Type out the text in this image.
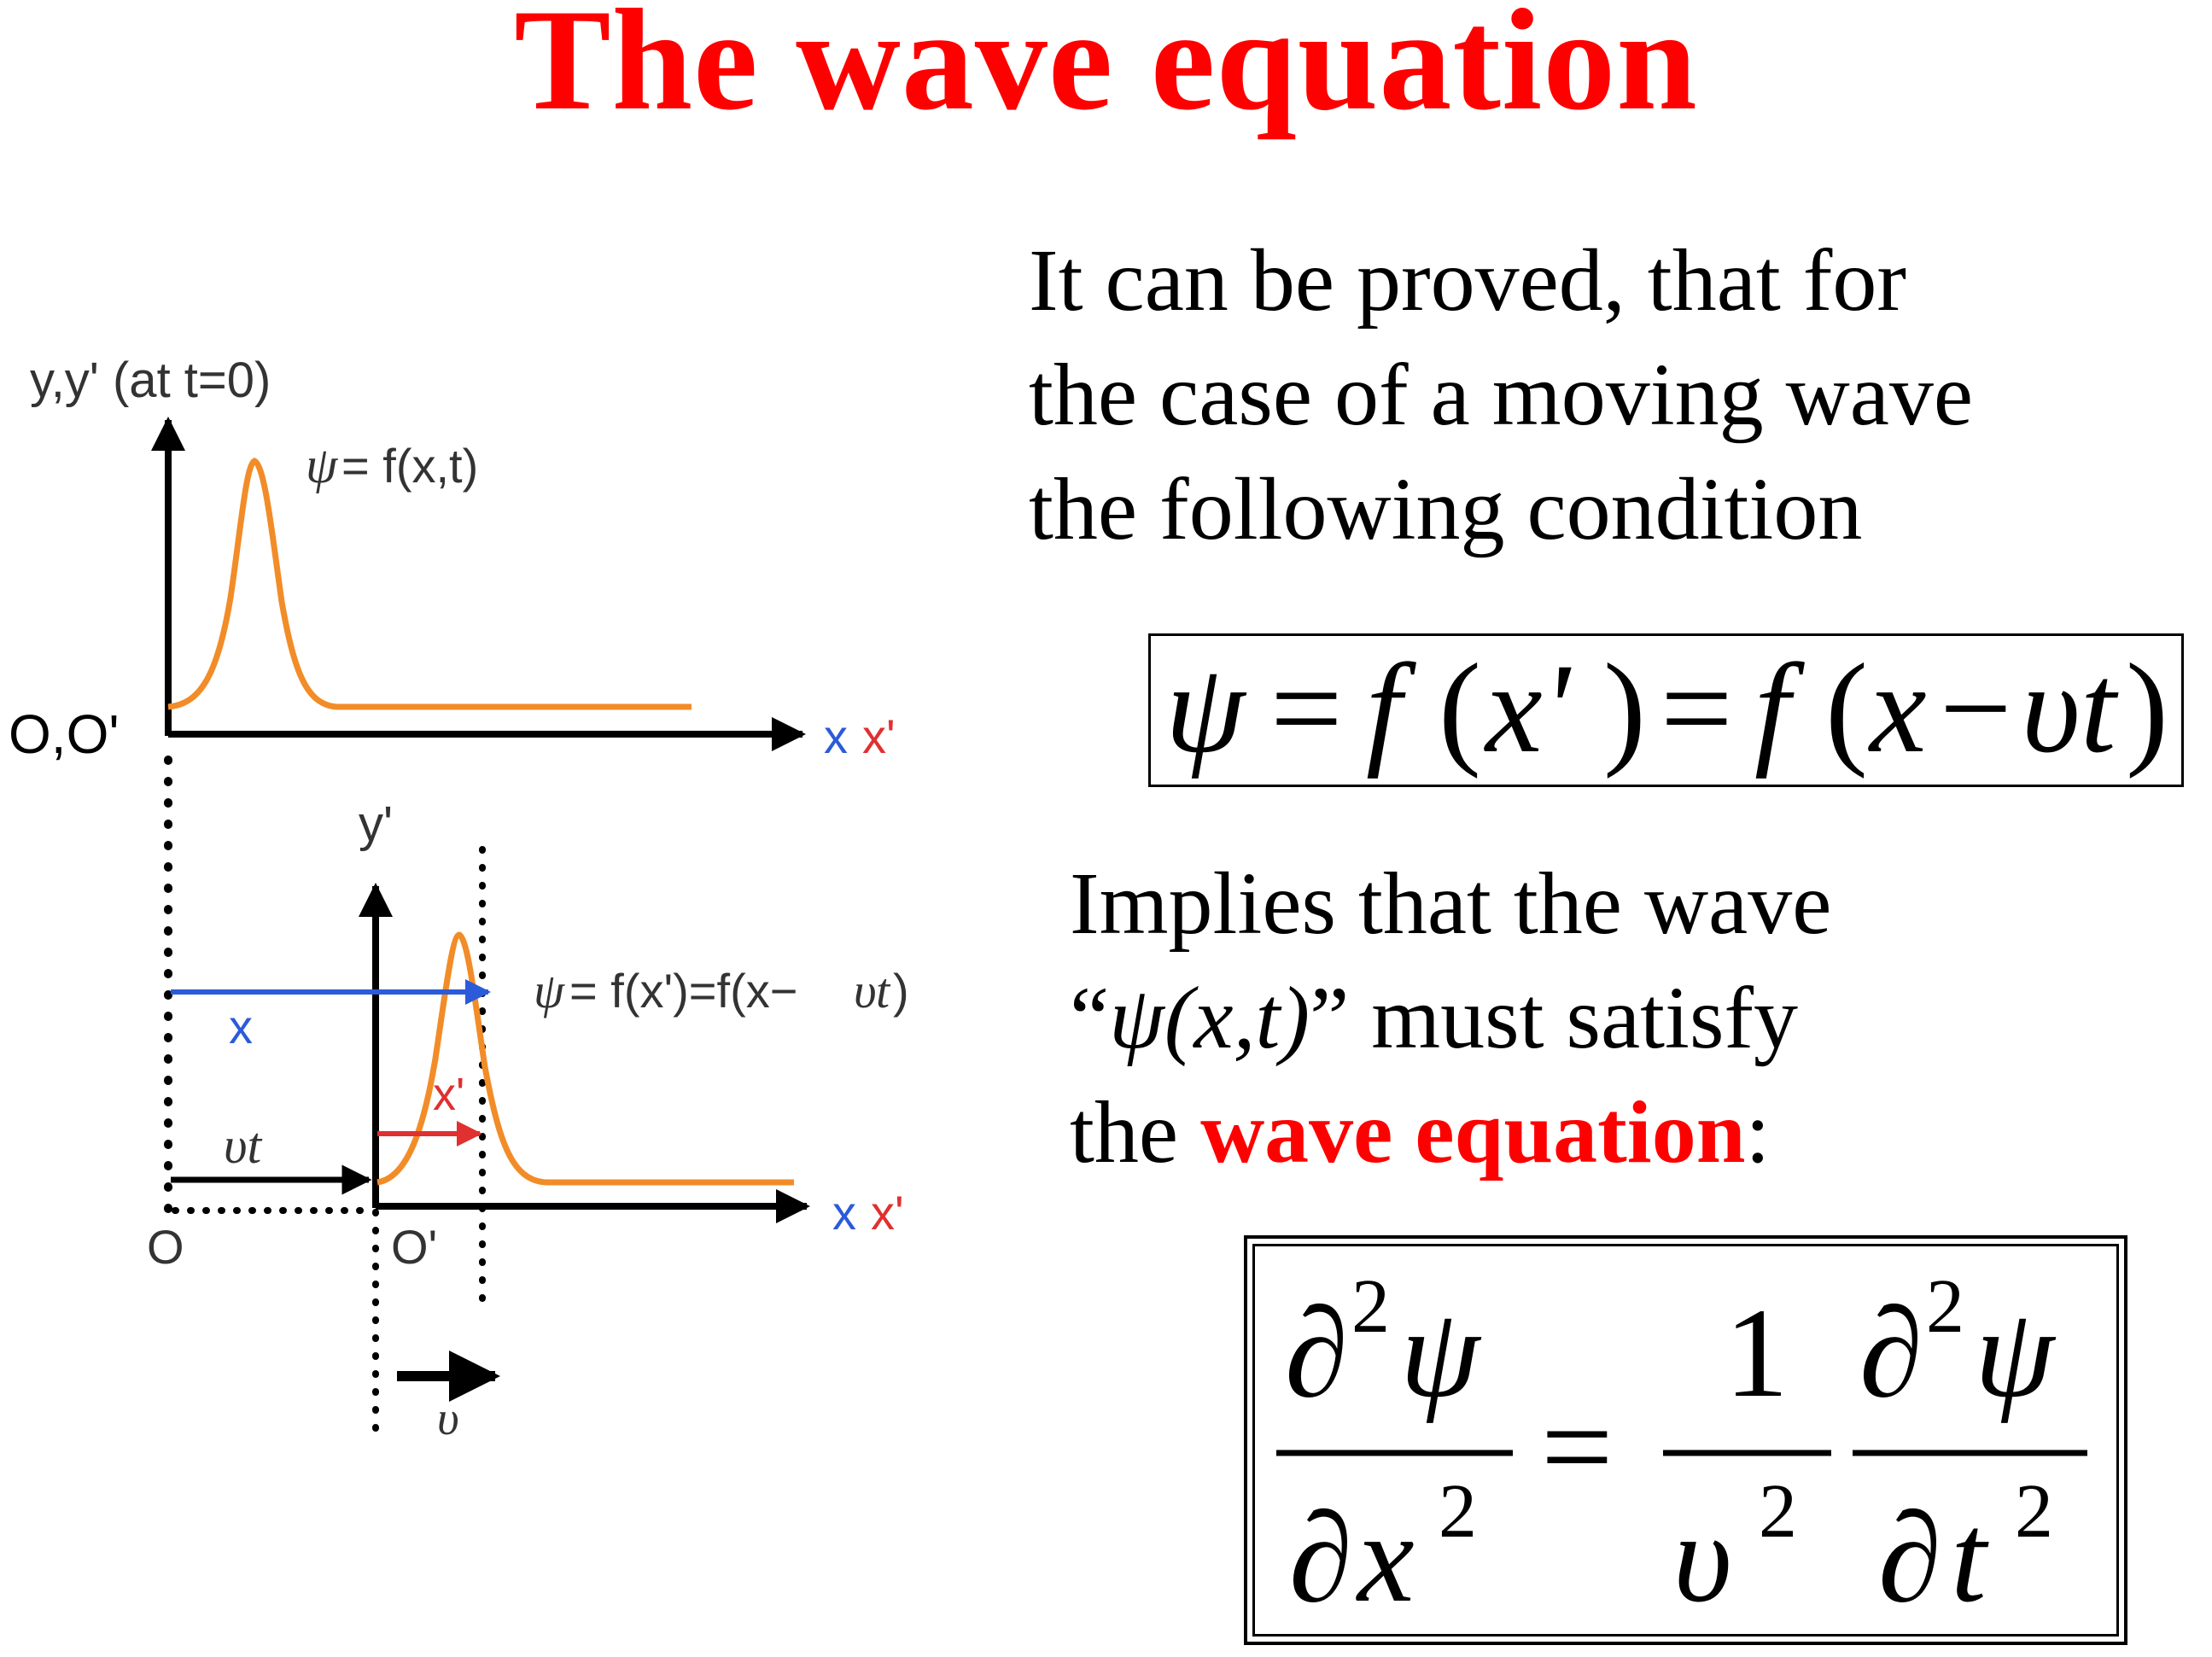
The wave equation

It can be proved, that for
the case of a moving wave
the following condition

Implies that the wave
“ψ(x,t)” must satisfy
the wave equation:

ψ = f ( x' ) = f ( x − υt )
∂ 2 ψ
∂ x 2 =
1
υ 2
∂ 2 ψ
∂ t 2
y,y' (at t=0)
ψ = f(x,t)
O,O'	x x'
y'
x
x'
υt
O	O'
x x'
ψ = f(x')=f(x− υ t )
υ
